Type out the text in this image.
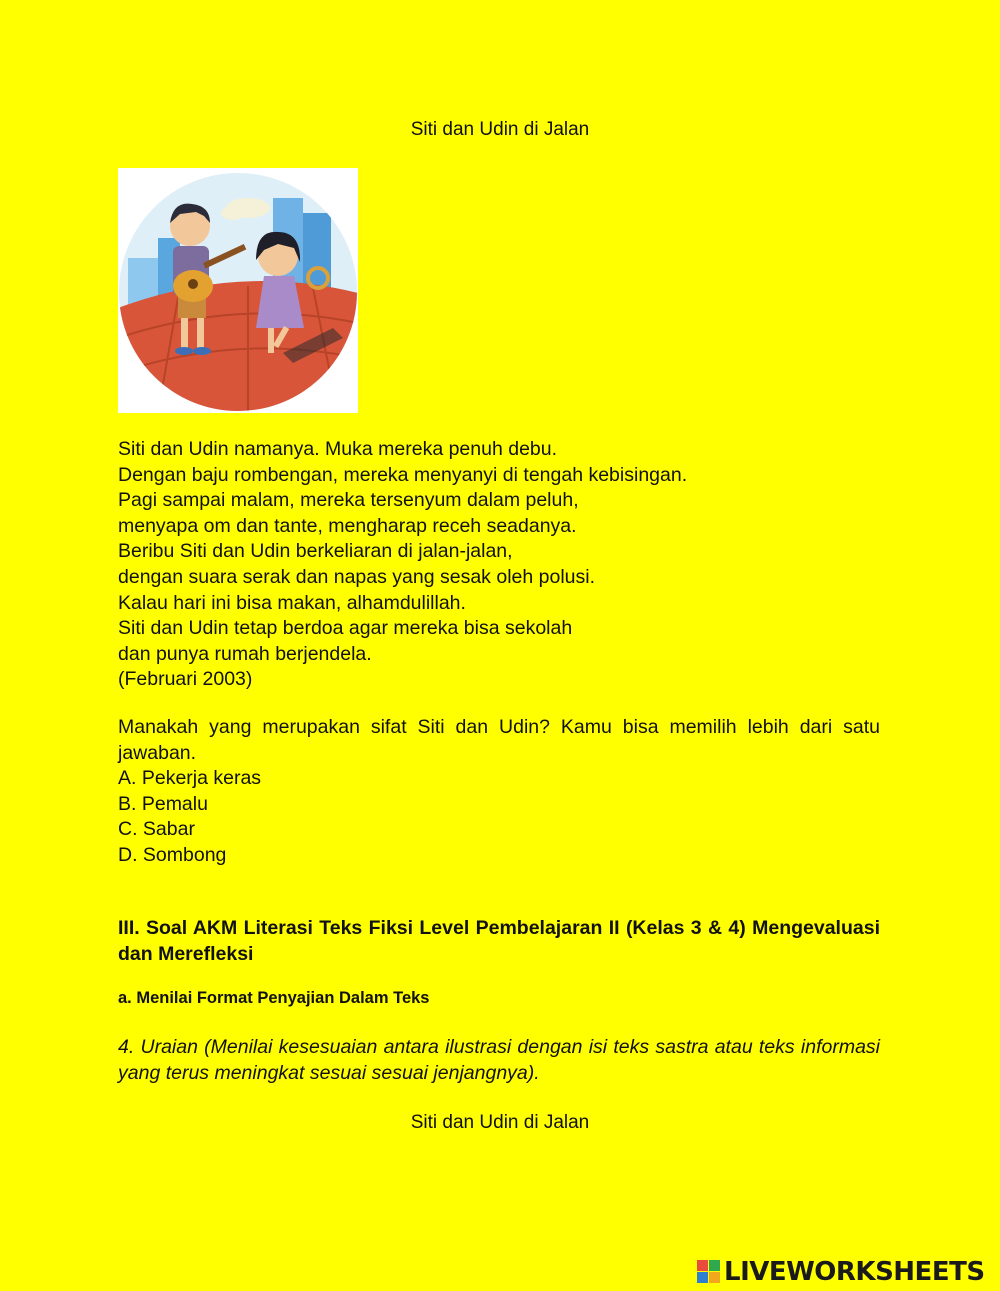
Siti dan Udin di Jalan
Siti dan Udin namanya. Muka mereka penuh debu.
Dengan baju rombengan, mereka menyanyi di tengah kebisingan.
Pagi sampai malam, mereka tersenyum dalam peluh,
menyapa om dan tante, mengharap receh seadanya.
Beribu Siti dan Udin berkeliaran di jalan-jalan,
dengan suara serak dan napas yang sesak oleh polusi.
Kalau hari ini bisa makan, alhamdulillah.
Siti dan Udin tetap berdoa agar mereka bisa sekolah
dan punya rumah berjendela.
(Februari 2003)
Manakah yang merupakan sifat Siti dan Udin? Kamu bisa memilih lebih dari satu jawaban.
A. Pekerja keras
B. Pemalu
C. Sabar
D. Sombong
III. Soal AKM Literasi Teks Fiksi Level Pembelajaran II (Kelas 3 & 4) Mengevaluasi dan Merefleksi
a. Menilai Format Penyajian Dalam Teks
4. Uraian (Menilai kesesuaian antara ilustrasi dengan isi teks sastra atau teks informasi yang terus meningkat sesuai sesuai jenjangnya).
Siti dan Udin di Jalan
LIVEWORKSHEETS
